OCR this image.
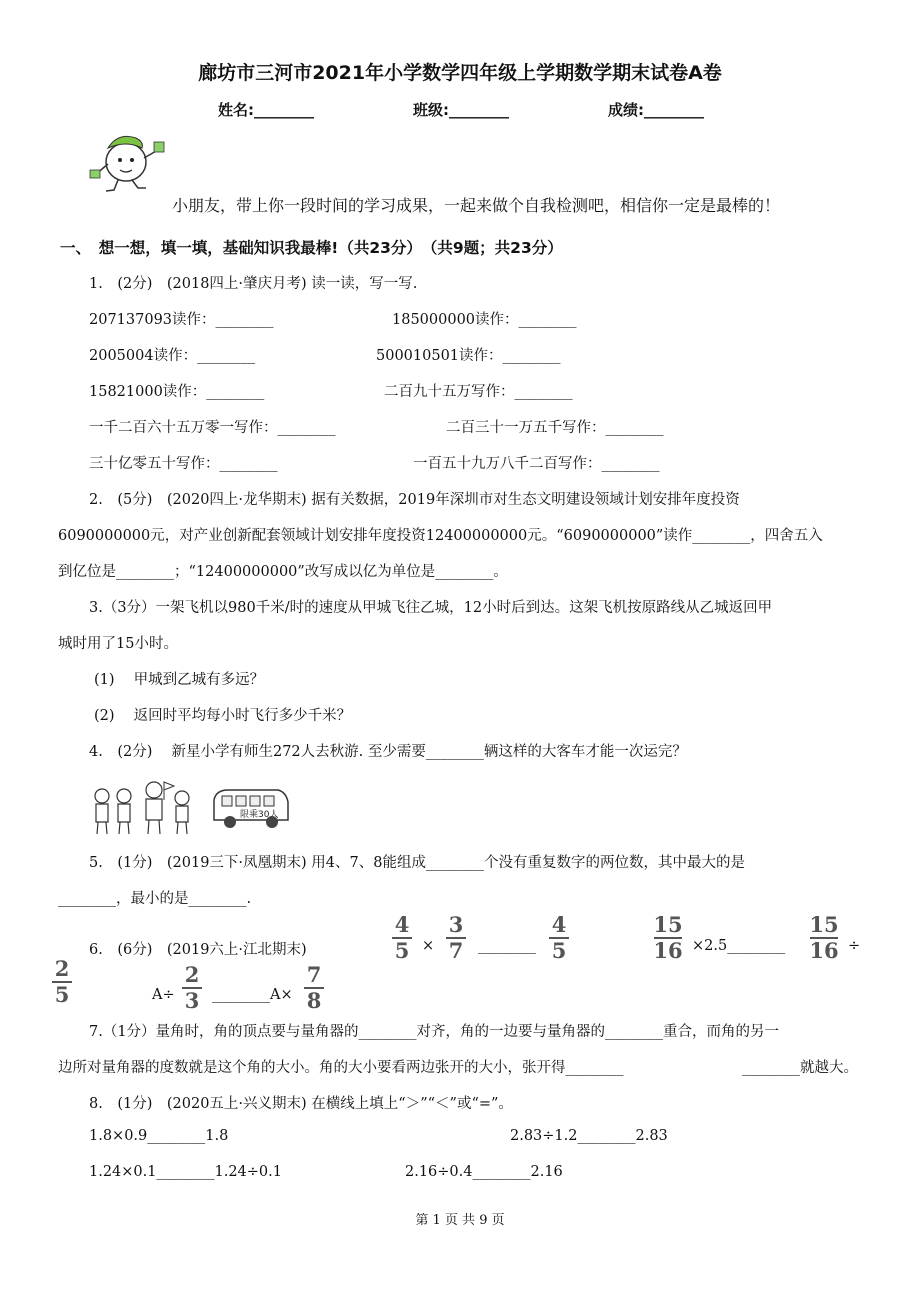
廊坊市三河市2021年小学数学四年级上学期数学期末试卷A卷
姓名:________	班级:________	成绩:________
小朋友，带上你一段时间的学习成果，一起来做个自我检测吧，相信你一定是最棒的！
一、　想一想，填一填，基础知识我最棒!（共23分）　（共9题；共23分）
1.　(2分)　(2018四上·肇庆月考) 读一读，写一写.
207137093读作：________	185000000读作：________
2005004读作：________	500010501读作：________
15821000读作：________	二百九十五万写作：________
一千二百六十五万零一写作：________	二百三十一万五千写作：________
三十亿零五十写作：________	一百五十九万八千二百写作：________
2.　(5分)　(2020四上·龙华期末) 据有关数据，2019年深圳市对生态文明建设领域计划安排年度投资
6090000000元，对产业创新配套领域计划安排年度投资12400000000元。“6090000000”读作________，四舍五入
到亿位是________；“12400000000”改写成以亿为单位是________。
3.（3分）一架飞机以980千米/时的速度从甲城飞往乙城，12小时后到达。这架飞机按原路线从乙城返回甲
城时用了15小时。
(1)　 甲城到乙城有多远？
(2)　 返回时平均每小时飞行多少千米？
4.　(2分)　 新星小学有师生272人去秋游. 至少需要________辆这样的大客车才能一次运完？
限乘30人
5.　(1分)　(2019三下·凤凰期末) 用4、7、8能组成________个没有重复数字的两位数，其中最大的是
________，最小的是________.
6.　(6分)　(2019六上·江北期末)
4
5 ×
3
7	________
4
5
15
16 ×2.5________
15
16 ÷
2
5	A÷
2
3 ________A×
7
8
7.（1分）量角时，角的顶点要与量角器的________对齐，角的一边要与量角器的________重合，而角的另一
边所对量角器的度数就是这个角的大小。角的大小要看两边张开的大小，张开得________	________就越大。
8.　(1分)　(2020五上·兴义期末) 在横线上填上“＞”“＜”或“=”。
1.8×0.9________1.8	2.83÷1.2________2.83
1.24×0.1________1.24÷0.1	2.16÷0.4________2.16
第 1 页 共 9 页
